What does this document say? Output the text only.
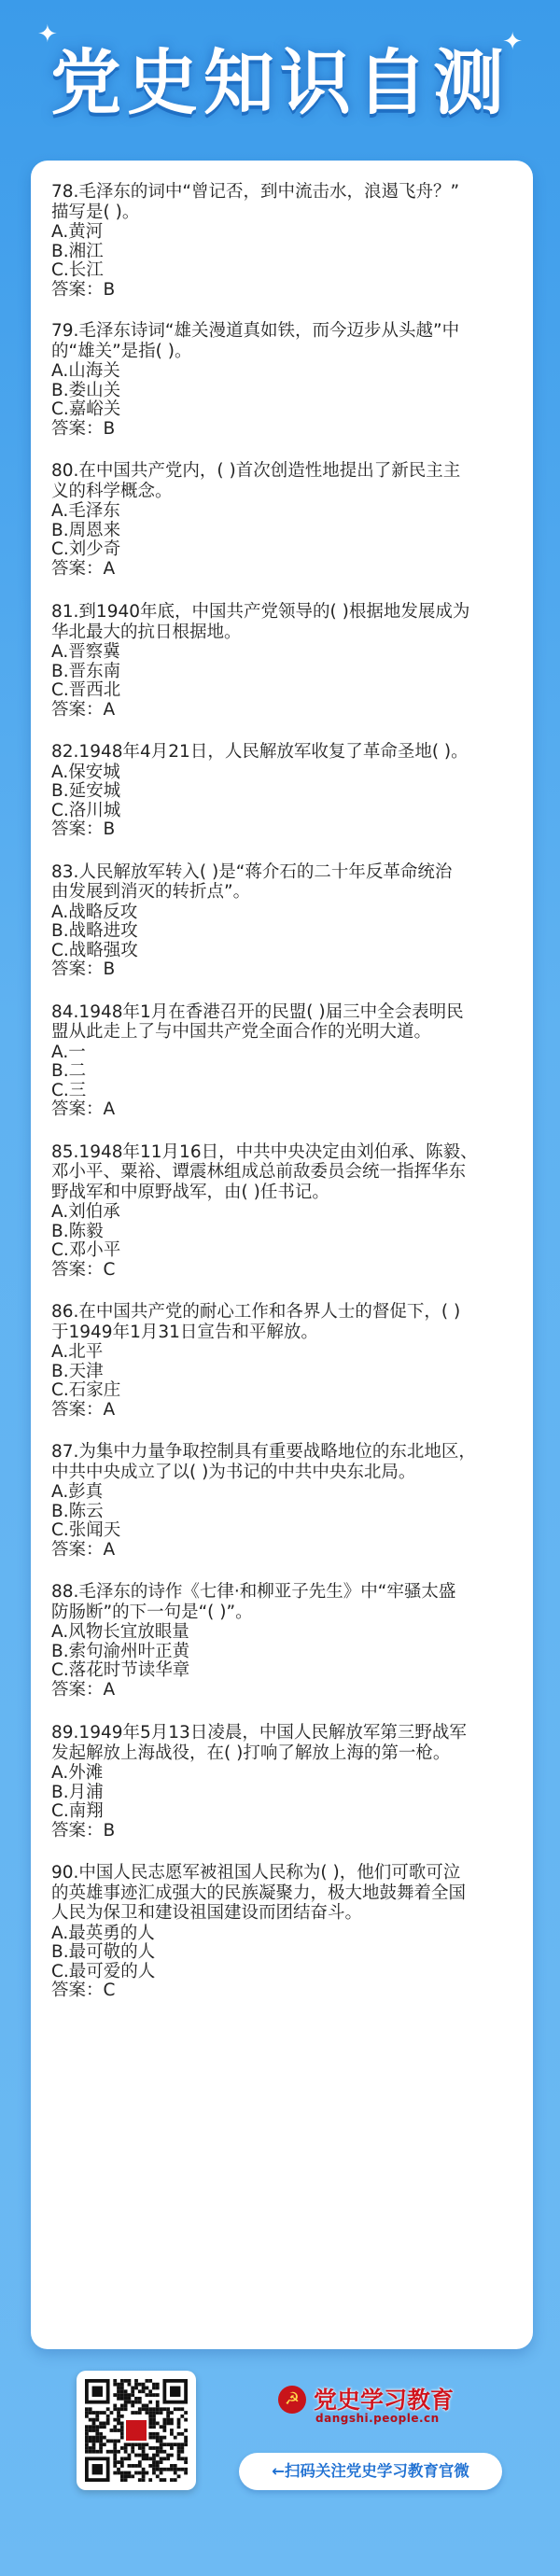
✦
党史知识自测
✦

78.毛泽东的词中“曾记否，到中流击水，浪遏飞舟？”

描写是( )。

A.黄河

B.湘江

C.长江

答案：B

79.毛泽东诗词“雄关漫道真如铁，而今迈步从头越”中

的“雄关”是指( )。

A.山海关

B.娄山关

C.嘉峪关

答案：B

80.在中国共产党内，( )首次创造性地提出了新民主主

义的科学概念。

A.毛泽东

B.周恩来

C.刘少奇

答案：A

81.到1940年底，中国共产党领导的( )根据地发展成为

华北最大的抗日根据地。

A.晋察冀

B.晋东南

C.晋西北

答案：A

82.1948年4月21日，人民解放军收复了革命圣地( )。

A.保安城

B.延安城

C.洛川城

答案：B

83.人民解放军转入( )是“蒋介石的二十年反革命统治

由发展到消灭的转折点”。

A.战略反攻

B.战略进攻

C.战略强攻

答案：B

84.1948年1月在香港召开的民盟( )届三中全会表明民

盟从此走上了与中国共产党全面合作的光明大道。

A.一

B.二

C.三

答案：A

85.1948年11月16日，中共中央决定由刘伯承、陈毅、

邓小平、粟裕、谭震林组成总前敌委员会统一指挥华东

野战军和中原野战军，由( )任书记。

A.刘伯承

B.陈毅

C.邓小平

答案：C

86.在中国共产党的耐心工作和各界人士的督促下，( )

于1949年1月31日宣告和平解放。

A.北平

B.天津

C.石家庄

答案：A

87.为集中力量争取控制具有重要战略地位的东北地区，

中共中央成立了以( )为书记的中共中央东北局。

A.彭真

B.陈云

C.张闻天

答案：A

88.毛泽东的诗作《七律·和柳亚子先生》中“牢骚太盛

防肠断”的下一句是“( )”。

A.风物长宜放眼量

B.索句渝州叶正黄

C.落花时节读华章

答案：A

89.1949年5月13日凌晨，中国人民解放军第三野战军

发起解放上海战役，在( )打响了解放上海的第一枪。

A.外滩

B.月浦

C.南翔

答案：B

90.中国人民志愿军被祖国人民称为( )，他们可歌可泣

的英雄事迹汇成强大的民族凝聚力，极大地鼓舞着全国

人民为保卫和建设祖国建设而团结奋斗。

A.最英勇的人

B.最可敬的人

C.最可爱的人

答案：C

☭ 党史学习教育
dangshi.people.cn
←扫码关注党史学习教育官微
